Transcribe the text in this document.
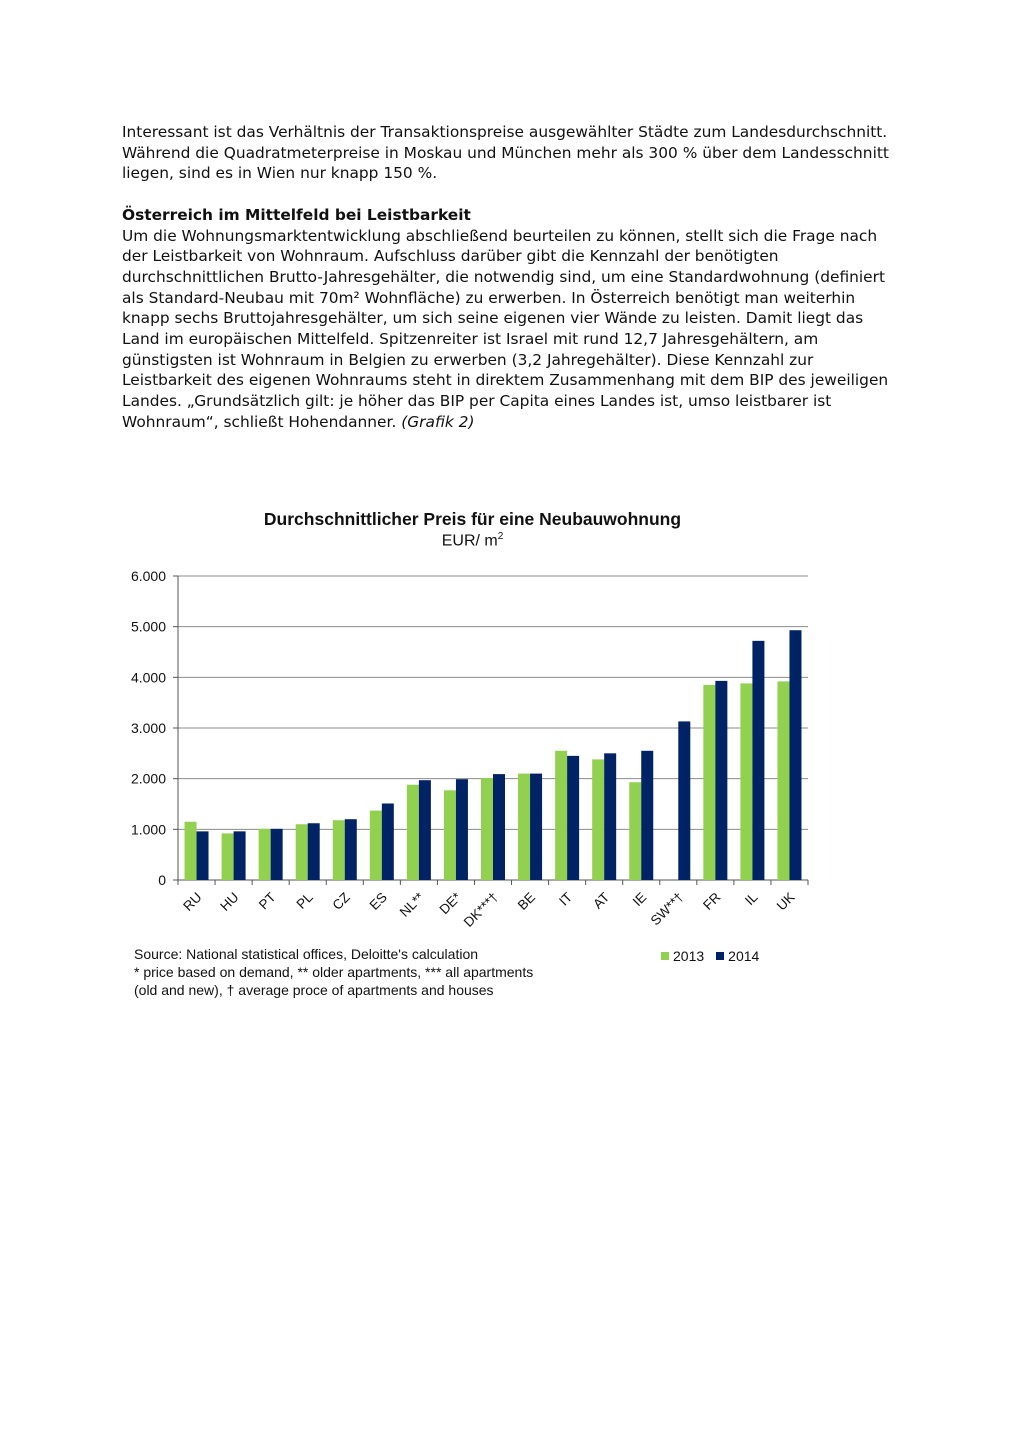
Interessant ist das Verhältnis der Transaktionspreise ausgewählter Städte zum Landesdurchschnitt. Während die Quadratmeterpreise in Moskau und München mehr als 300 % über dem Landesschnitt liegen, sind es in Wien nur knapp 150 %.

Österreich im Mittelfeld bei Leistbarkeit

Um die Wohnungsmarktentwicklung abschließend beurteilen zu können, stellt sich die Frage nach der Leistbarkeit von Wohnraum. Aufschluss darüber gibt die Kennzahl der benötigten durchschnittlichen Brutto-Jahresgehälter, die notwendig sind, um eine Standardwohnung (definiert als Standard-Neubau mit 70m² Wohnfläche) zu erwerben. In Österreich benötigt man weiterhin knapp sechs Bruttojahresgehälter, um sich seine eigenen vier Wände zu leisten. Damit liegt das Land im europäischen Mittelfeld. Spitzenreiter ist Israel mit rund 12,7 Jahresgehältern, am günstigsten ist Wohnraum in Belgien zu erwerben (3,2 Jahregehälter). Diese Kennzahl zur Leistbarkeit des eigenen Wohnraums steht in direktem Zusammenhang mit dem BIP des jeweiligen Landes. „Grundsätzlich gilt: je höher das BIP per Capita eines Landes ist, umso leistbarer ist Wohnraum“, schließt Hohendanner. (Grafik 2)

Durchschnittlicher Preis für eine Neubauwohnung
EUR/ $m^2$
6.000
5.000
4.000
3.000
2.000
1.000
0
RU HU PT PL CZ ES NL** DE*
DK***† BE IT AT IE
SW**† FR IL UK

Source: National statistical offices, Deloitte's calculation

* price based on demand, ** older apartments, *** all apartments

(old and new), † average proce of apartments and houses

2013 2014
